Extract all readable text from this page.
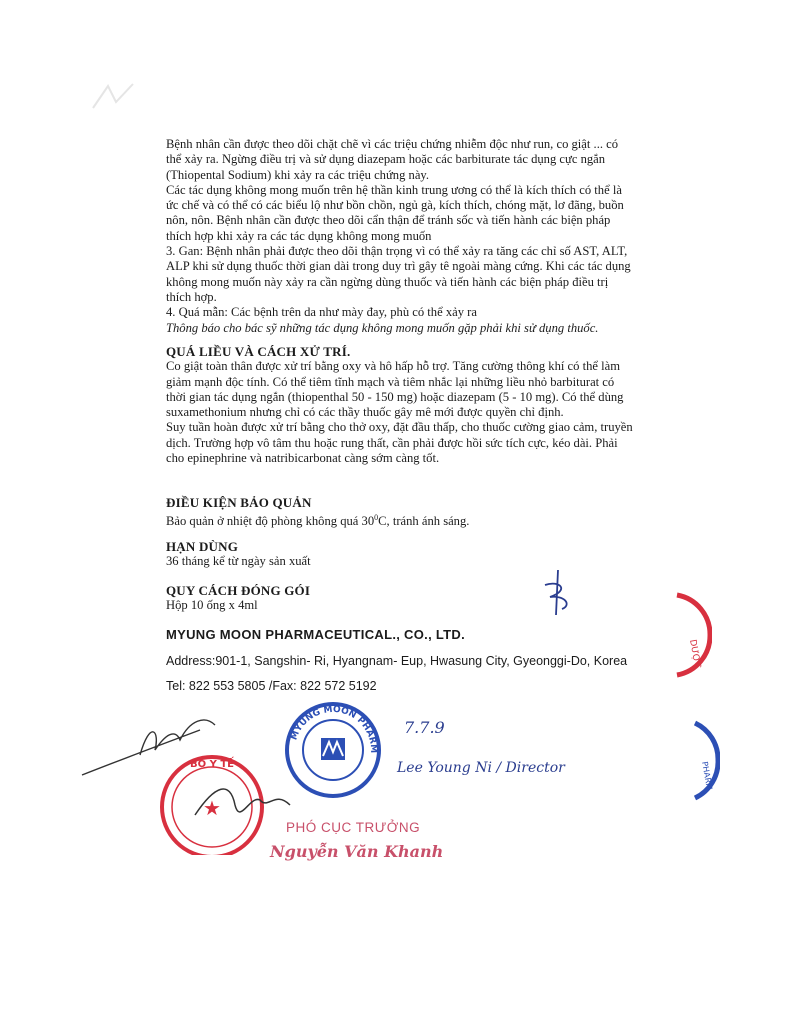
Bệnh nhân cần được theo dõi chặt chẽ vì các triệu chứng nhiễm độc như run, co giật ... có thể xảy ra. Ngừng điều trị và sử dụng diazepam hoặc các barbiturate tác dụng cực ngắn (Thiopental Sodium) khi xảy ra các triệu chứng này.

Các tác dụng không mong muốn trên hệ thần kinh trung ương có thể là kích thích có thể là ức chế và có thể có các biểu lộ như bồn chồn, ngủ gà, kích thích, chóng mặt, lơ đãng, buồn nôn, nôn. Bệnh nhân cần được theo dõi cẩn thận để tránh sốc và tiến hành các biện pháp thích hợp khi xảy ra các tác dụng không mong muốn

3. Gan: Bệnh nhân phải được theo dõi thận trọng vì có thể xảy ra tăng các chỉ số AST, ALT, ALP khi sử dụng thuốc thời gian dài trong duy trì gây tê ngoài màng cứng. Khi các tác dụng không mong muốn này xảy ra cần ngừng dùng thuốc và tiến hành các biện pháp điều trị thích hợp.

4. Quá mẫn: Các bệnh trên da như mày đay, phù có thể xảy ra

Thông báo cho bác sỹ những tác dụng không mong muốn gặp phải khi sử dụng thuốc.

QUÁ LIỀU VÀ CÁCH XỬ TRÍ.

Co giật toàn thân được xử trí bằng oxy và hô hấp hỗ trợ. Tăng cường thông khí có thể làm giảm mạnh độc tính. Có thể tiêm tĩnh mạch và tiêm nhắc lại những liều nhỏ barbiturat có thời gian tác dụng ngắn (thiopenthal 50 - 150 mg) hoặc diazepam (5 - 10 mg). Có thể dùng suxamethonium nhưng chỉ có các thầy thuốc gây mê mới được quyền chỉ định.

Suy tuần hoàn được xử trí bằng cho thở oxy, đặt đầu thấp, cho thuốc cường giao cảm, truyền dịch. Trường hợp vô tâm thu hoặc rung thất, cần phải được hồi sức tích cực, kéo dài. Phải cho epinephrine và natribicarbonat càng sớm càng tốt.

ĐIỀU KIỆN BẢO QUẢN

Bảo quản ở nhiệt độ phòng không quá $30^0C$, tránh ánh sáng.

HẠN DÙNG

36 tháng kể từ ngày sản xuất

QUY CÁCH ĐÓNG GÓI

Hộp 10 ống x 4ml

MYUNG MOON PHARMACEUTICAL., CO., LTD.
Address:901-1, Sangshin- Ri, Hyangnam- Eup, Hwasung City, Gyeonggi-Do, Korea
Tel: 822 553 5805 /Fax: 822 572 5192
BỘ Y TẾ
★
MYUNG MOON PHARM
7.7.9
Lee Young Ni / Director
PHÓ CỤC TRƯỞNG
Nguyễn Văn Khanh
DƯỢC
PHARM
